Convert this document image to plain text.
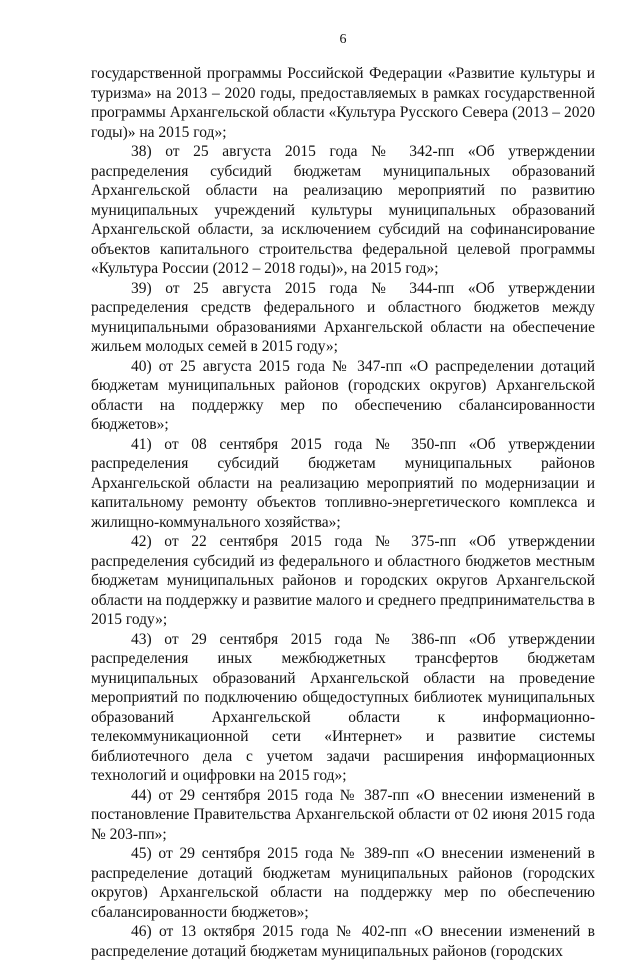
6

государственной программы Российской Федерации «Развитие культуры и туризма» на 2013 – 2020 годы, предоставляемых в рамках государственной программы Архангельской области «Культура Русского Севера (2013 – 2020 годы)» на 2015 год»;

38) от 25 августа 2015 года № 342-пп «Об утверждении распределения субсидий бюджетам муниципальных образований Архангельской области на реализацию мероприятий по развитию муниципальных учреждений культуры муниципальных образований Архангельской области, за исключением субсидий на софинансирование объектов капитального строительства федеральной целевой программы «Культура России (2012 – 2018 годы)», на 2015 год»;

39) от 25 августа 2015 года № 344-пп «Об утверждении распределения средств федерального и областного бюджетов между муниципальными образованиями Архангельской области на обеспечение жильем молодых семей в 2015 году»;

40) от 25 августа 2015 года № 347-пп «О распределении дотаций бюджетам муниципальных районов (городских округов) Архангельской области на поддержку мер по обеспечению сбалансированности бюджетов»;

41) от 08 сентября 2015 года № 350-пп «Об утверждении распределения субсидий бюджетам муниципальных районов Архангельской области на реализацию мероприятий по модернизации и капитальному ремонту объектов топливно-энергетического комплекса и жилищно-коммунального хозяйства»;

42) от 22 сентября 2015 года № 375-пп «Об утверждении распределения субсидий из федерального и областного бюджетов местным бюджетам муниципальных районов и городских округов Архангельской области на поддержку и развитие малого и среднего предпринимательства в 2015 году»;

43) от 29 сентября 2015 года № 386-пп «Об утверждении распределения иных межбюджетных трансфертов бюджетам муниципальных образований Архангельской области на проведение мероприятий по подключению общедоступных библиотек муниципальных образований Архангельской области к информационно-телекоммуникационной сети «Интернет» и развитие системы библиотечного дела с учетом задачи расширения информационных технологий и оцифровки на 2015 год»;

44) от 29 сентября 2015 года № 387-пп «О внесении изменений в постановление Правительства Архангельской области от 02 июня 2015 года № 203-пп»;

45) от 29 сентября 2015 года № 389-пп «О внесении изменений в распределение дотаций бюджетам муниципальных районов (городских округов) Архангельской области на поддержку мер по обеспечению сбалансированности бюджетов»;

46) от 13 октября 2015 года № 402-пп «О внесении изменений в распределение дотаций бюджетам муниципальных районов (городских
